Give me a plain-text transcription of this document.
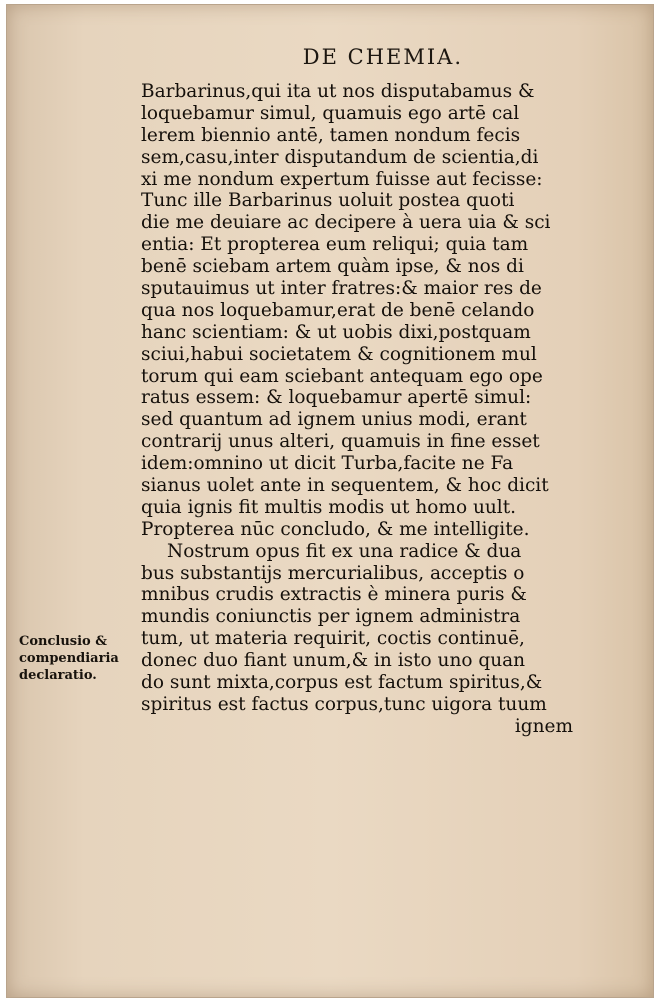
DE CHEMIA.
Barbarinus,qui ita ut nos disputabamus &
loquebamur simul, quamuis ego artē cal
lerem biennio antē, tamen nondum fecis
sem,casu,inter disputandum de scientia,di
xi me nondum expertum fuisse aut fecisse:
Tunc ille Barbarinus uoluit postea quoti
die me deuiare ac decipere à uera uia & sci
entia: Et propterea eum reliqui; quia tam
benē sciebam artem quàm ipse, & nos di
sputauimus ut inter fratres:& maior res de
qua nos loquebamur,erat de benē celando
hanc scientiam: & ut uobis dixi,postquam
sciui,habui societatem & cognitionem mul
torum qui eam sciebant antequam ego ope
ratus essem: & loquebamur apertē simul:
sed quantum ad ignem unius modi, erant
contrarij unus alteri, quamuis in fine esset
idem:omnino ut dicit Turba,facite ne Fa
sianus uolet ante in sequentem, & hoc dicit
quia ignis fit multis modis ut homo uult.
Propterea nūc concludo, & me intelligite.
Nostrum opus fit ex una radice & dua
bus substantijs mercurialibus, acceptis o
mnibus crudis extractis è minera puris &
mundis coniunctis per ignem administra
tum, ut materia requirit, coctis continuē,
donec duo fiant unum,& in isto uno quan
do sunt mixta,corpus est factum spiritus,&
spiritus est factus corpus,tunc uigora tuum
ignem
Conclusio &
compendiaria
declaratio.
